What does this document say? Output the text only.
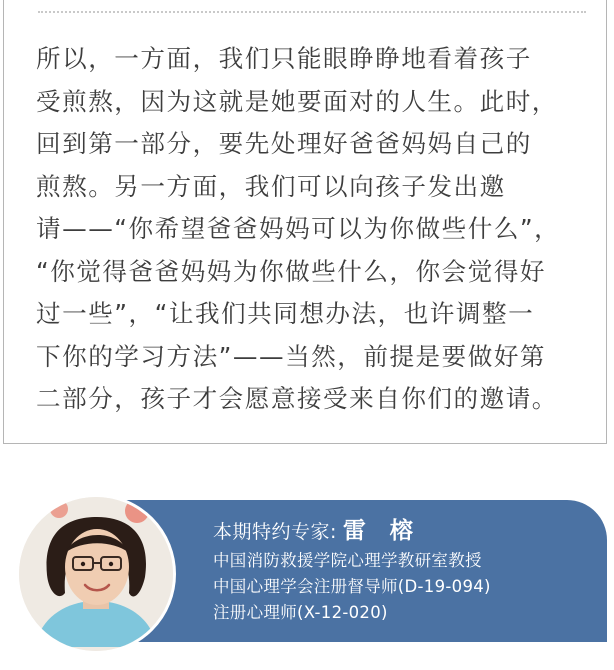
所以，一方面，我们只能眼睁睁地看着孩子
受煎熬，因为这就是她要面对的人生。此时，
回到第一部分，要先处理好爸爸妈妈自己的
煎熬。另一方面，我们可以向孩子发出邀
请——“你希望爸爸妈妈可以为你做些什么”，
“你觉得爸爸妈妈为你做些什么，你会觉得好
过一些”，“让我们共同想办法，也许调整一
下你的学习方法”——当然，前提是要做好第
二部分，孩子才会愿意接受来自你们的邀请。

本期特约专家: 雷 榕
中国消防救援学院心理学教研室教授
中国心理学会注册督导师(D-19-094)
注册心理师(X-12-020)
